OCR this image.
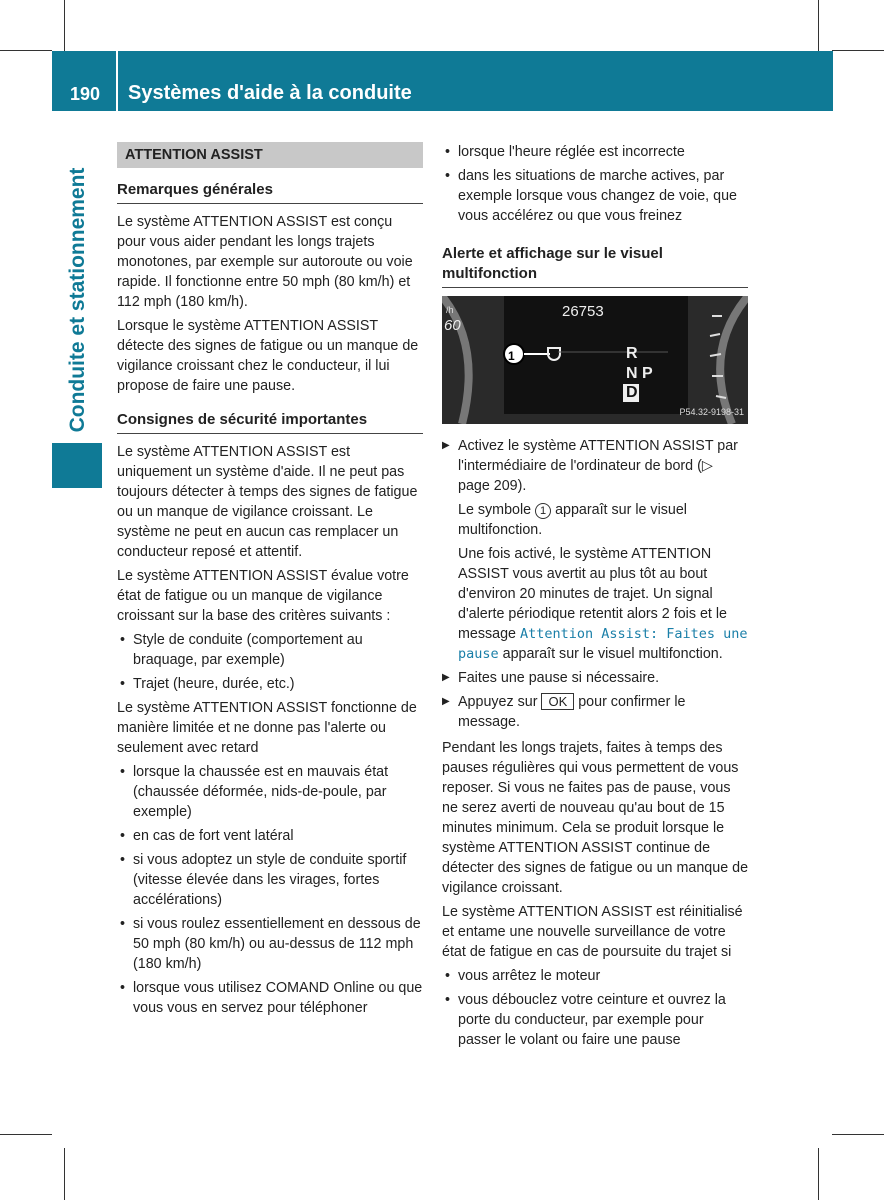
190	Systèmes d'aide à la conduite
Conduite et stationnement
ATTENTION ASSIST
Remarques générales

Le système ATTENTION ASSIST est conçu pour vous aider pendant les longs trajets monotones, par exemple sur autoroute ou voie rapide. Il fonctionne entre 50 mph (80 km/h) et 112 mph (180 km/h).

Lorsque le système ATTENTION ASSIST détecte des signes de fatigue ou un manque de vigilance croissant chez le conducteur, il lui propose de faire une pause.

Consignes de sécurité importantes

Le système ATTENTION ASSIST est uniquement un système d'aide. Il ne peut pas toujours détecter à temps des signes de fatigue ou un manque de vigilance croissant. Le système ne peut en aucun cas remplacer un conducteur reposé et attentif.

Le système ATTENTION ASSIST évalue votre état de fatigue ou un manque de vigilance croissant sur la base des critères suivants :

• Style de conduite (comportement au braquage, par exemple)
• Trajet (heure, durée, etc.)

Le système ATTENTION ASSIST fonctionne de manière limitée et ne donne pas l'alerte ou seulement avec retard

• lorsque la chaussée est en mauvais état (chaussée déformée, nids-de-poule, par exemple)
• en cas de fort vent latéral
• si vous adoptez un style de conduite sportif (vitesse élevée dans les virages, fortes accélérations)
• si vous roulez essentiellement en dessous de 50 mph (80 km/h) ou au-dessus de 112 mph (180 km/h)
• lorsque vous utilisez COMAND Online ou que vous vous en servez pour téléphoner
• lorsque l'heure réglée est incorrecte
• dans les situations de marche actives, par exemple lorsque vous changez de voie, que vous accélérez ou que vous freinez
Alerte et affichage sur le visuel multifonction
26753
1
60
/h
R
N P
D
P54.32-9198-31

▶ Activez le système ATTENTION ASSIST par l'intermédiaire de l'ordinateur de bord (▷ page 209).

Le symbole 1 apparaît sur le visuel multifonction.

Une fois activé, le système ATTENTION ASSIST vous avertit au plus tôt au bout d'environ 20 minutes de trajet. Un signal d'alerte périodique retentit alors 2 fois et le message Attention Assist: Faites une pause apparaît sur le visuel multifonction.

▶ Faites une pause si nécessaire.
▶ Appuyez sur OK pour confirmer le message.

Pendant les longs trajets, faites à temps des pauses régulières qui vous permettent de vous reposer. Si vous ne faites pas de pause, vous ne serez averti de nouveau qu'au bout de 15 minutes minimum. Cela se produit lorsque le système ATTENTION ASSIST continue de détecter des signes de fatigue ou un manque de vigilance croissant.

Le système ATTENTION ASSIST est réinitialisé et entame une nouvelle surveillance de votre état de fatigue en cas de poursuite du trajet si

• vous arrêtez le moteur
• vous débouclez votre ceinture et ouvrez la porte du conducteur, par exemple pour passer le volant ou faire une pause
